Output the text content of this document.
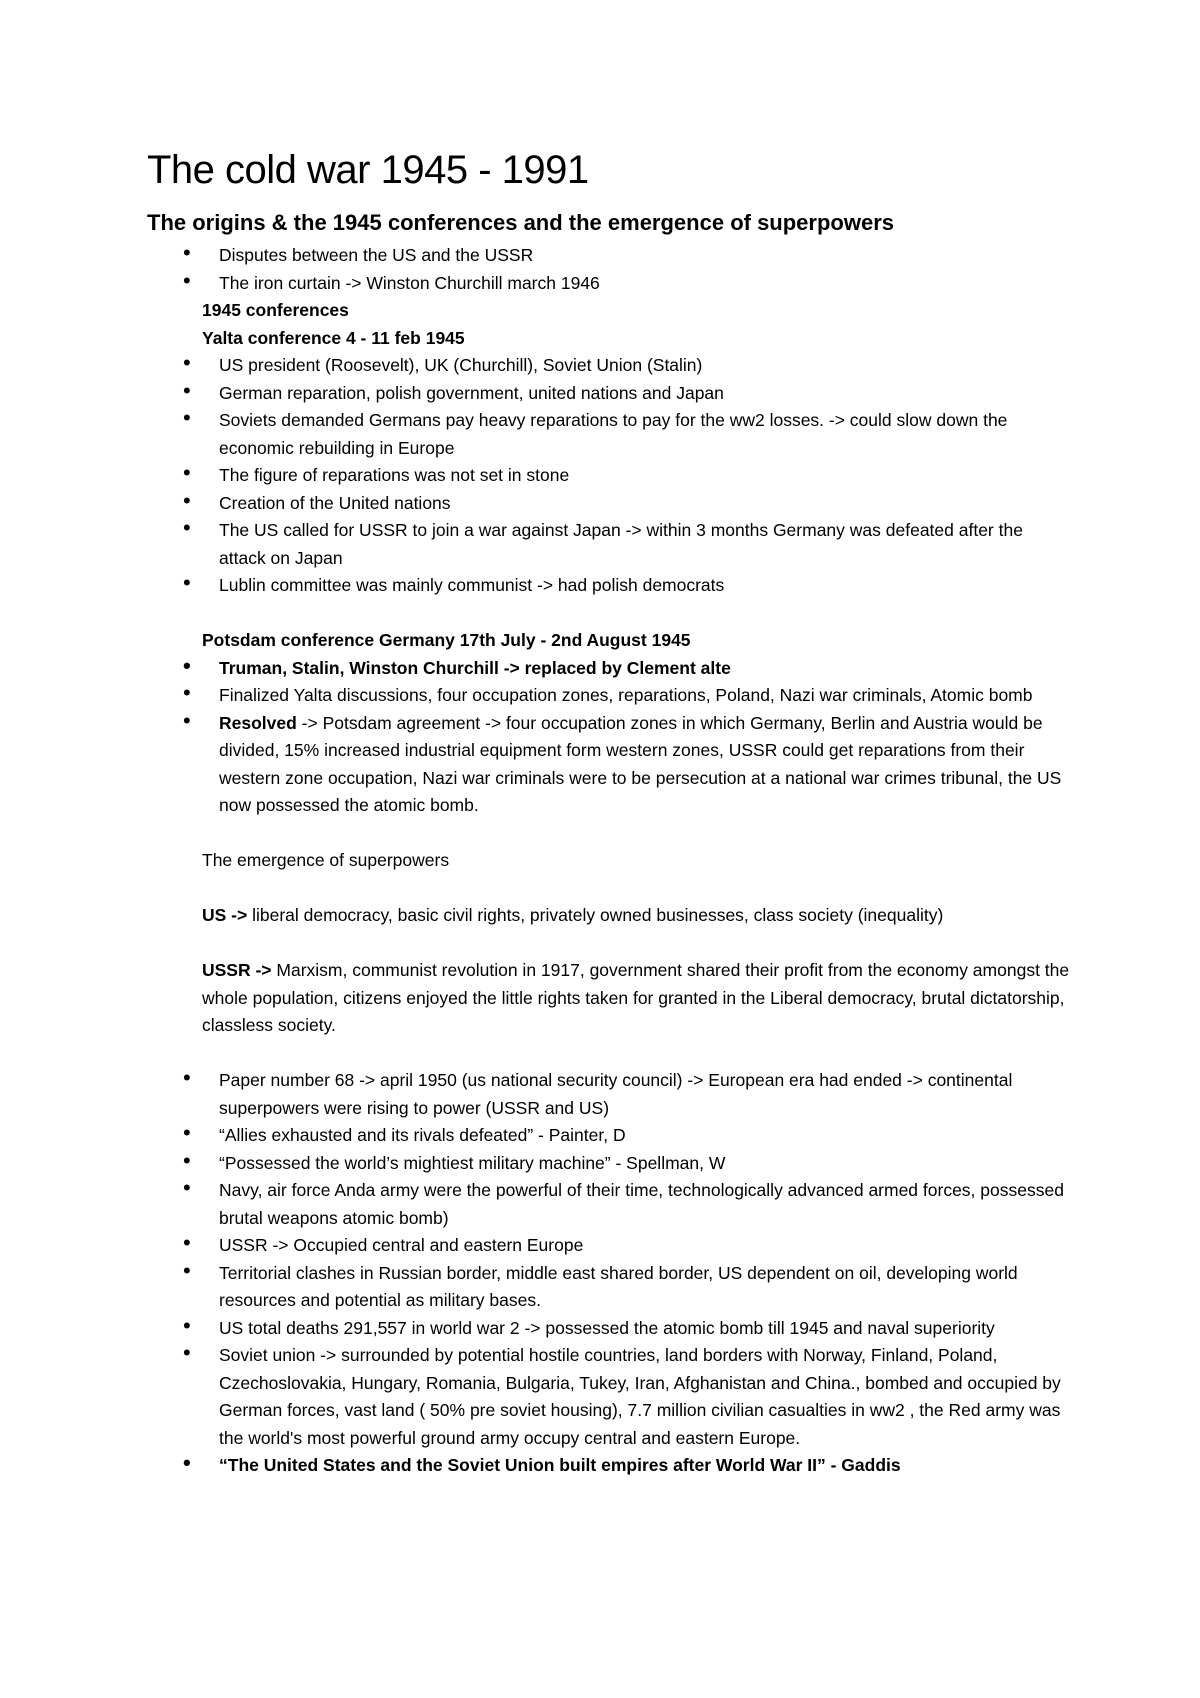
The cold war 1945 - 1991
The origins & the 1945 conferences and the emergence of superpowers
• Disputes between the US and the USSR
• The iron curtain -> Winston Churchill march 1946
1945 conferences
Yalta conference 4 - 11 feb 1945
• US president (Roosevelt), UK (Churchill), Soviet Union (Stalin)
• German reparation, polish government, united nations and Japan
• Soviets demanded Germans pay heavy reparations to pay for the ww2 losses. -> could slow down the economic rebuilding in Europe
• The figure of reparations was not set in stone
• Creation of the United nations
• The US called for USSR to join a war against Japan -> within 3 months Germany was defeated after the attack on Japan
• Lublin committee was mainly communist -> had polish democrats
Potsdam conference Germany 17th July - 2nd August 1945
• Truman, Stalin, Winston Churchill -> replaced by Clement alte
• Finalized Yalta discussions, four occupation zones, reparations, Poland, Nazi war criminals, Atomic bomb
• Resolved -> Potsdam agreement -> four occupation zones in which Germany, Berlin and Austria would be divided, 15% increased industrial equipment form western zones, USSR could get reparations from their western zone occupation, Nazi war criminals were to be persecution at a national war crimes tribunal, the US now possessed the atomic bomb.
The emergence of superpowers
US -> liberal democracy, basic civil rights, privately owned businesses, class society (inequality)
USSR -> Marxism, communist revolution in 1917, government shared their profit from the economy amongst the whole population, citizens enjoyed the little rights taken for granted in the Liberal democracy, brutal dictatorship, classless society.
• Paper number 68 -> april 1950 (us national security council) -> European era had ended -> continental superpowers were rising to power (USSR and US)
• “Allies exhausted and its rivals defeated” - Painter, D
• “Possessed the world’s mightiest military machine” - Spellman, W
• Navy, air force Anda army were the powerful of their time, technologically advanced armed forces, possessed brutal weapons atomic bomb)
• USSR -> Occupied central and eastern Europe
• Territorial clashes in Russian border, middle east shared border, US dependent on oil, developing world resources and potential as military bases.
• US total deaths 291,557 in world war 2 -> possessed the atomic bomb till 1945 and naval superiority
• Soviet union -> surrounded by potential hostile countries, land borders with Norway, Finland, Poland, Czechoslovakia, Hungary, Romania, Bulgaria, Tukey, Iran, Afghanistan and China., bombed and occupied by German forces, vast land ( 50% pre soviet housing), 7.7 million civilian casualties in ww2 , the Red army was the world's most powerful ground army occupy central and eastern Europe.
• “The United States and the Soviet Union built empires after World War II” - Gaddis
